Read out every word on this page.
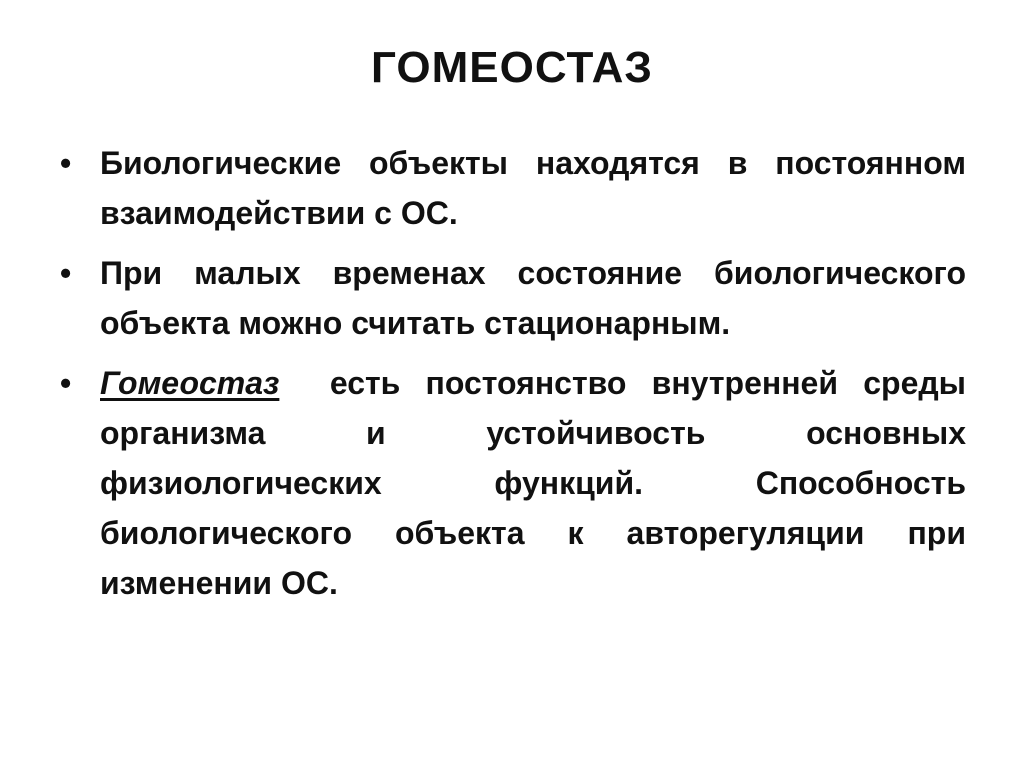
ГОМЕОСТАЗ
• Биологические объекты находятся в постоянном взаимодействии с ОС.
• При малых временах состояние биологического объекта можно считать стационарным.
• Гомеостаз  есть постоянство внутренней среды организма и устойчивость основных физиологических функций. Способность биологического объекта к авторегуляции при изменении ОС.
